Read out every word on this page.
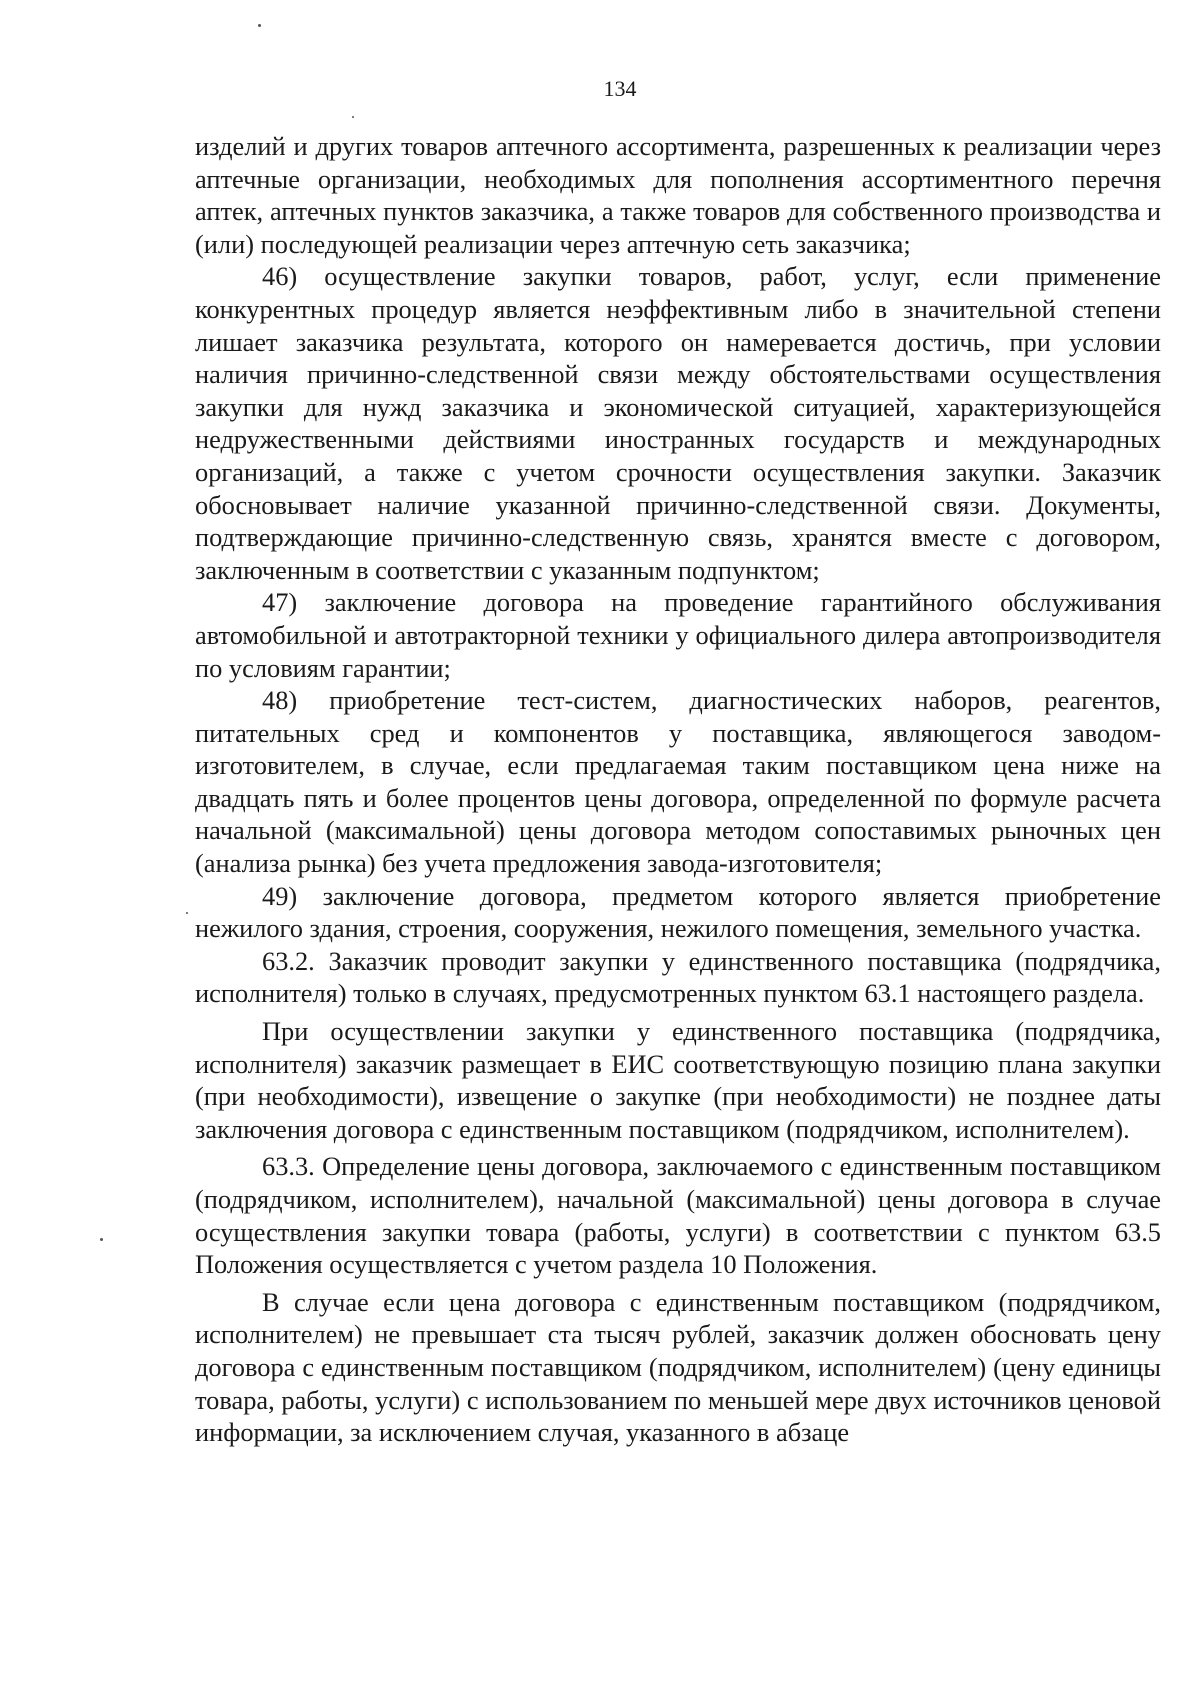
134

изделий и других товаров аптечного ассортимента, разрешенных к реализации через аптечные организации, необходимых для пополнения ассортиментного перечня аптек, аптечных пунктов заказчика, а также товаров для собственного производства и (или) последующей реализации через аптечную сеть заказчика;

46) осуществление закупки товаров, работ, услуг, если применение конкурентных процедур является неэффективным либо в значительной степени лишает заказчика результата, которого он намеревается достичь, при условии наличия причинно-следственной связи между обстоятельствами осуществления закупки для нужд заказчика и экономической ситуацией, характеризующейся недружественными действиями иностранных государств и международных организаций, а также с учетом срочности осуществления закупки. Заказчик обосновывает наличие указанной причинно-следственной связи. Документы, подтверждающие причинно-следственную связь, хранятся вместе с договором, заключенным в соответствии с указанным подпунктом;

47) заключение договора на проведение гарантийного обслуживания автомобильной и автотракторной техники у официального дилера автопроизводителя по условиям гарантии;

48) приобретение тест-систем, диагностических наборов, реагентов, питательных сред и компонентов у поставщика, являющегося заводом-изготовителем, в случае, если предлагаемая таким поставщиком цена ниже на двадцать пять и более процентов цены договора, определенной по формуле расчета начальной (максимальной) цены договора методом сопоставимых рыночных цен (анализа рынка) без учета предложения завода-изготовителя;

49) заключение договора, предметом которого является приобретение нежилого здания, строения, сооружения, нежилого помещения, земельного участка.

63.2. Заказчик проводит закупки у единственного поставщика (подрядчика, исполнителя) только в случаях, предусмотренных пунктом 63.1 настоящего раздела.

При осуществлении закупки у единственного поставщика (подрядчика, исполнителя) заказчик размещает в ЕИС соответствующую позицию плана закупки (при необходимости), извещение о закупке (при необходимости) не позднее даты заключения договора с единственным поставщиком (подрядчиком, исполнителем).

63.3. Определение цены договора, заключаемого с единственным поставщиком (подрядчиком, исполнителем), начальной (максимальной) цены договора в случае осуществления закупки товара (работы, услуги) в соответствии с пунктом 63.5 Положения осуществляется с учетом раздела 10 Положения.

В случае если цена договора с единственным поставщиком (подрядчиком, исполнителем) не превышает ста тысяч рублей, заказчик должен обосновать цену договора с единственным поставщиком (подрядчиком, исполнителем) (цену единицы товара, работы, услуги) с использованием по меньшей мере двух источников ценовой информации, за исключением случая, указанного в абзаце
